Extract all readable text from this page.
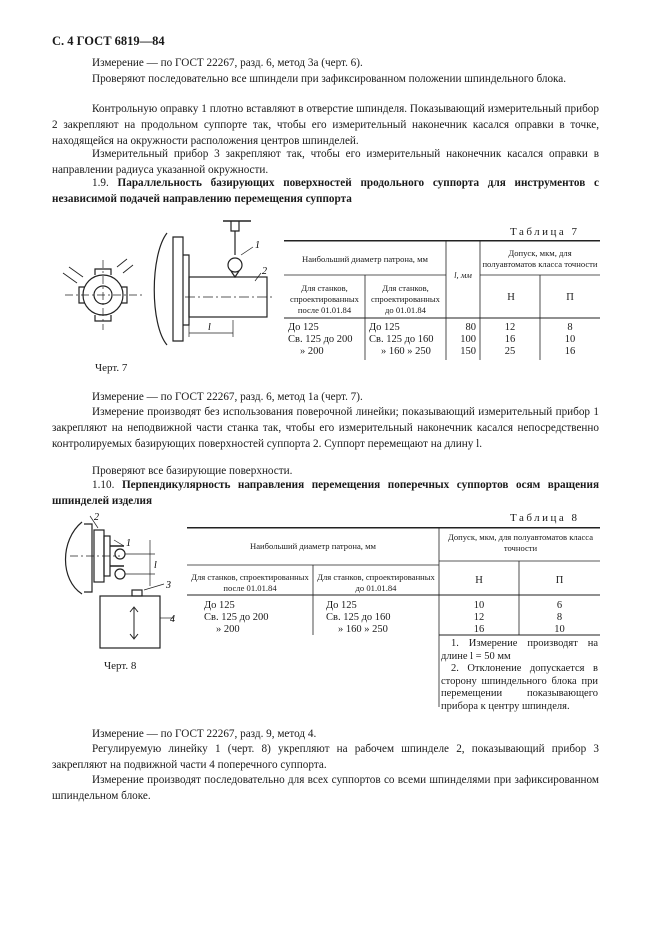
С. 4 ГОСТ 6819—84

Измерение — по ГОСТ 22267, разд. 6, метод 3а (черт. 6).

Проверяют последовательно все шпиндели при зафиксированном положении шпиндельного блока.

Контрольную оправку 1 плотно вставляют в отверстие шпинделя. Показывающий измерительный прибор 2 закрепляют на продольном суппорте так, чтобы его измерительный наконечник касался оправки в точке, находящейся на окружности расположения центров шпинделей.

Измерительный прибор 3 закрепляют так, чтобы его измерительный наконечник касался оправки в направлении радиуса указанной окружности.

1.9. Параллельность базирующих поверхностей продольного суппорта для инструментов с независимой подачей направлению перемещения суппорта

1
2
l
Черт. 7
Таблица 7
Наибольший диаметр патрона, мм
Для станков, спроектированных после 01.01.84
Для станков, спроектированных до 01.01.84
l, мм
Допуск, мкм, для полуавтоматов класса точности
Н	П
До 125
Св. 125 до 200
» 200
До 125
Св. 125 до 160
» 160 » 250
80
100
150
12
16
25
8
10
16

Измерение — по ГОСТ 22267, разд. 6, метод 1а (черт. 7).

Измерение производят без использования поверочной линейки; показывающий измерительный прибор 1 закрепляют на неподвижной части станка так, чтобы его измерительный наконечник касался непосредственно контролируемых базирующих поверхностей суппорта 2. Суппорт перемещают на длину l.

Проверяют все базирующие поверхности.

1.10. Перпендикулярность направления перемещения поперечных суппортов осям вращения шпинделей изделия

2
1
3
4
l
Черт. 8
Таблица 8
Наибольший диаметр патрона, мм
Для станков, спроектированных после 01.01.84
Для станков, спроектированных до 01.01.84
Допуск, мкм, для полуавтоматов класса точности
Н	П
До 125
Св. 125 до 200
» 200
До 125
Св. 125 до 160
» 160 » 250
10
12
16
6
8
10
1. Измерение производят на длине l = 50 мм
2. Отклонение допускается в сторону шпиндельного блока при перемещении показывающего прибора к центру шпинделя.

Измерение — по ГОСТ 22267, разд. 9, метод 4.

Регулируемую линейку 1 (черт. 8) укрепляют на рабочем шпинделе 2, показывающий прибор 3 закрепляют на подвижной части 4 поперечного суппорта.

Измерение производят последовательно для всех суппортов со всеми шпинделями при зафиксированном шпиндельном блоке.
